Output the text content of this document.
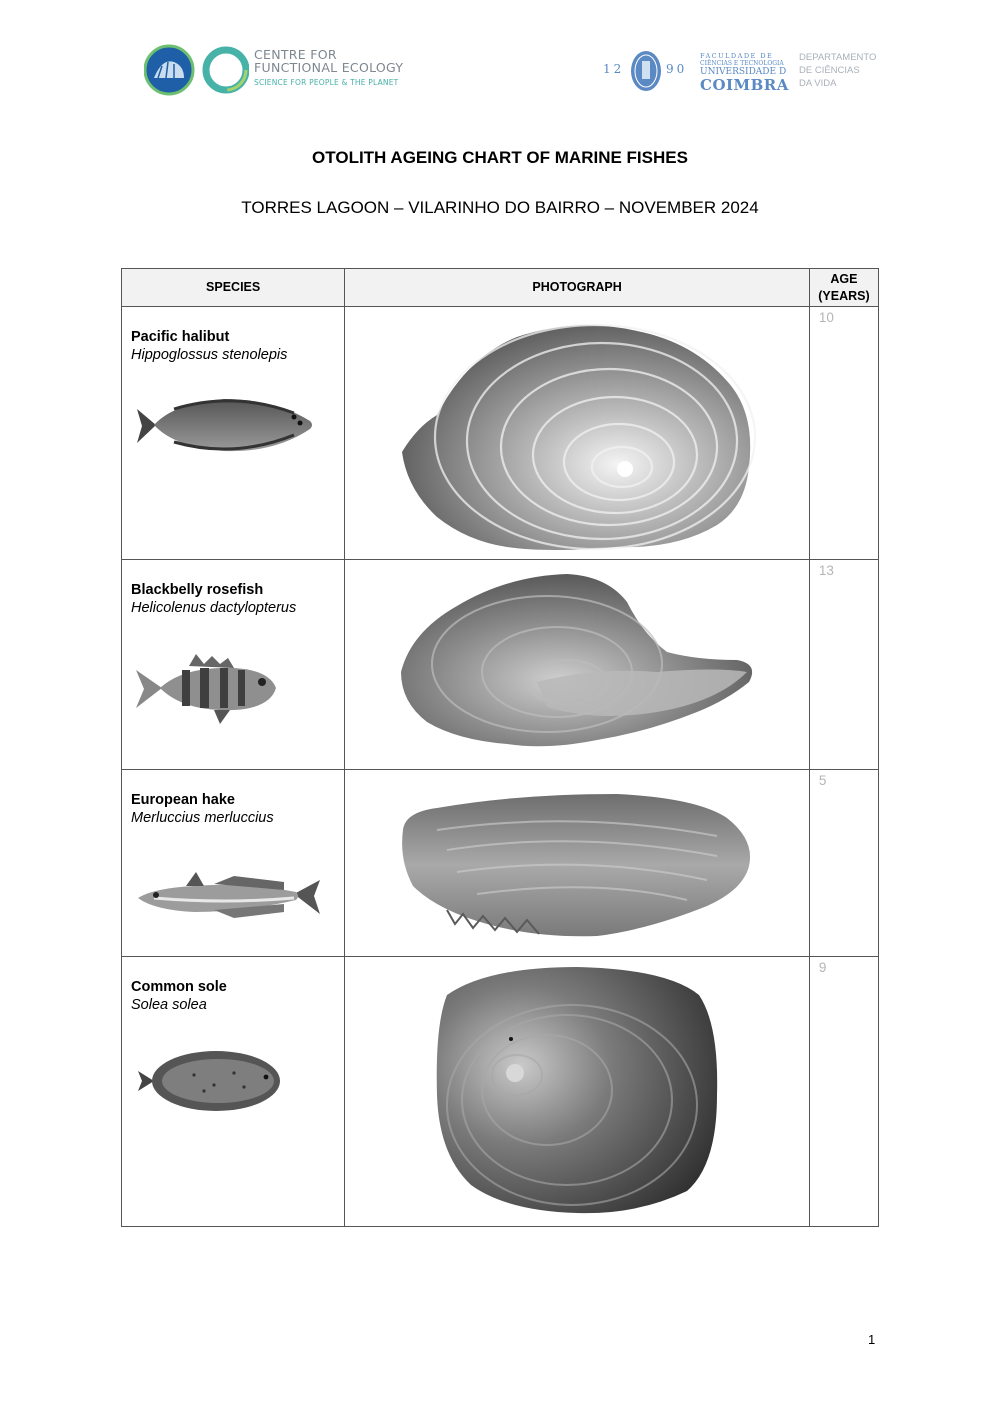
CENTRE FOR
FUNCTIONAL ECOLOGY
SCIENCE FOR PEOPLE & THE PLANET
12	90
FACULDADE DE
CIÊNCIAS E TECNOLOGIA
UNIVERSIDADE D
COIMBRA
DEPARTAMENTO
DE CIÊNCIAS
DA VIDA
OTOLITH AGEING CHART OF MARINE FISHES
TORRES LAGOON – VILARINHO DO BAIRRO – NOVEMBER 2024
SPECIES	PHOTOGRAPH	AGE
(YEARS)

Pacific halibut
Hippoglossus stenolepis		10

Blackbelly rosefish
Helicolenus dactylopterus		13

European hake
Merluccius merluccius		5

Common sole
Solea solea		9
1
